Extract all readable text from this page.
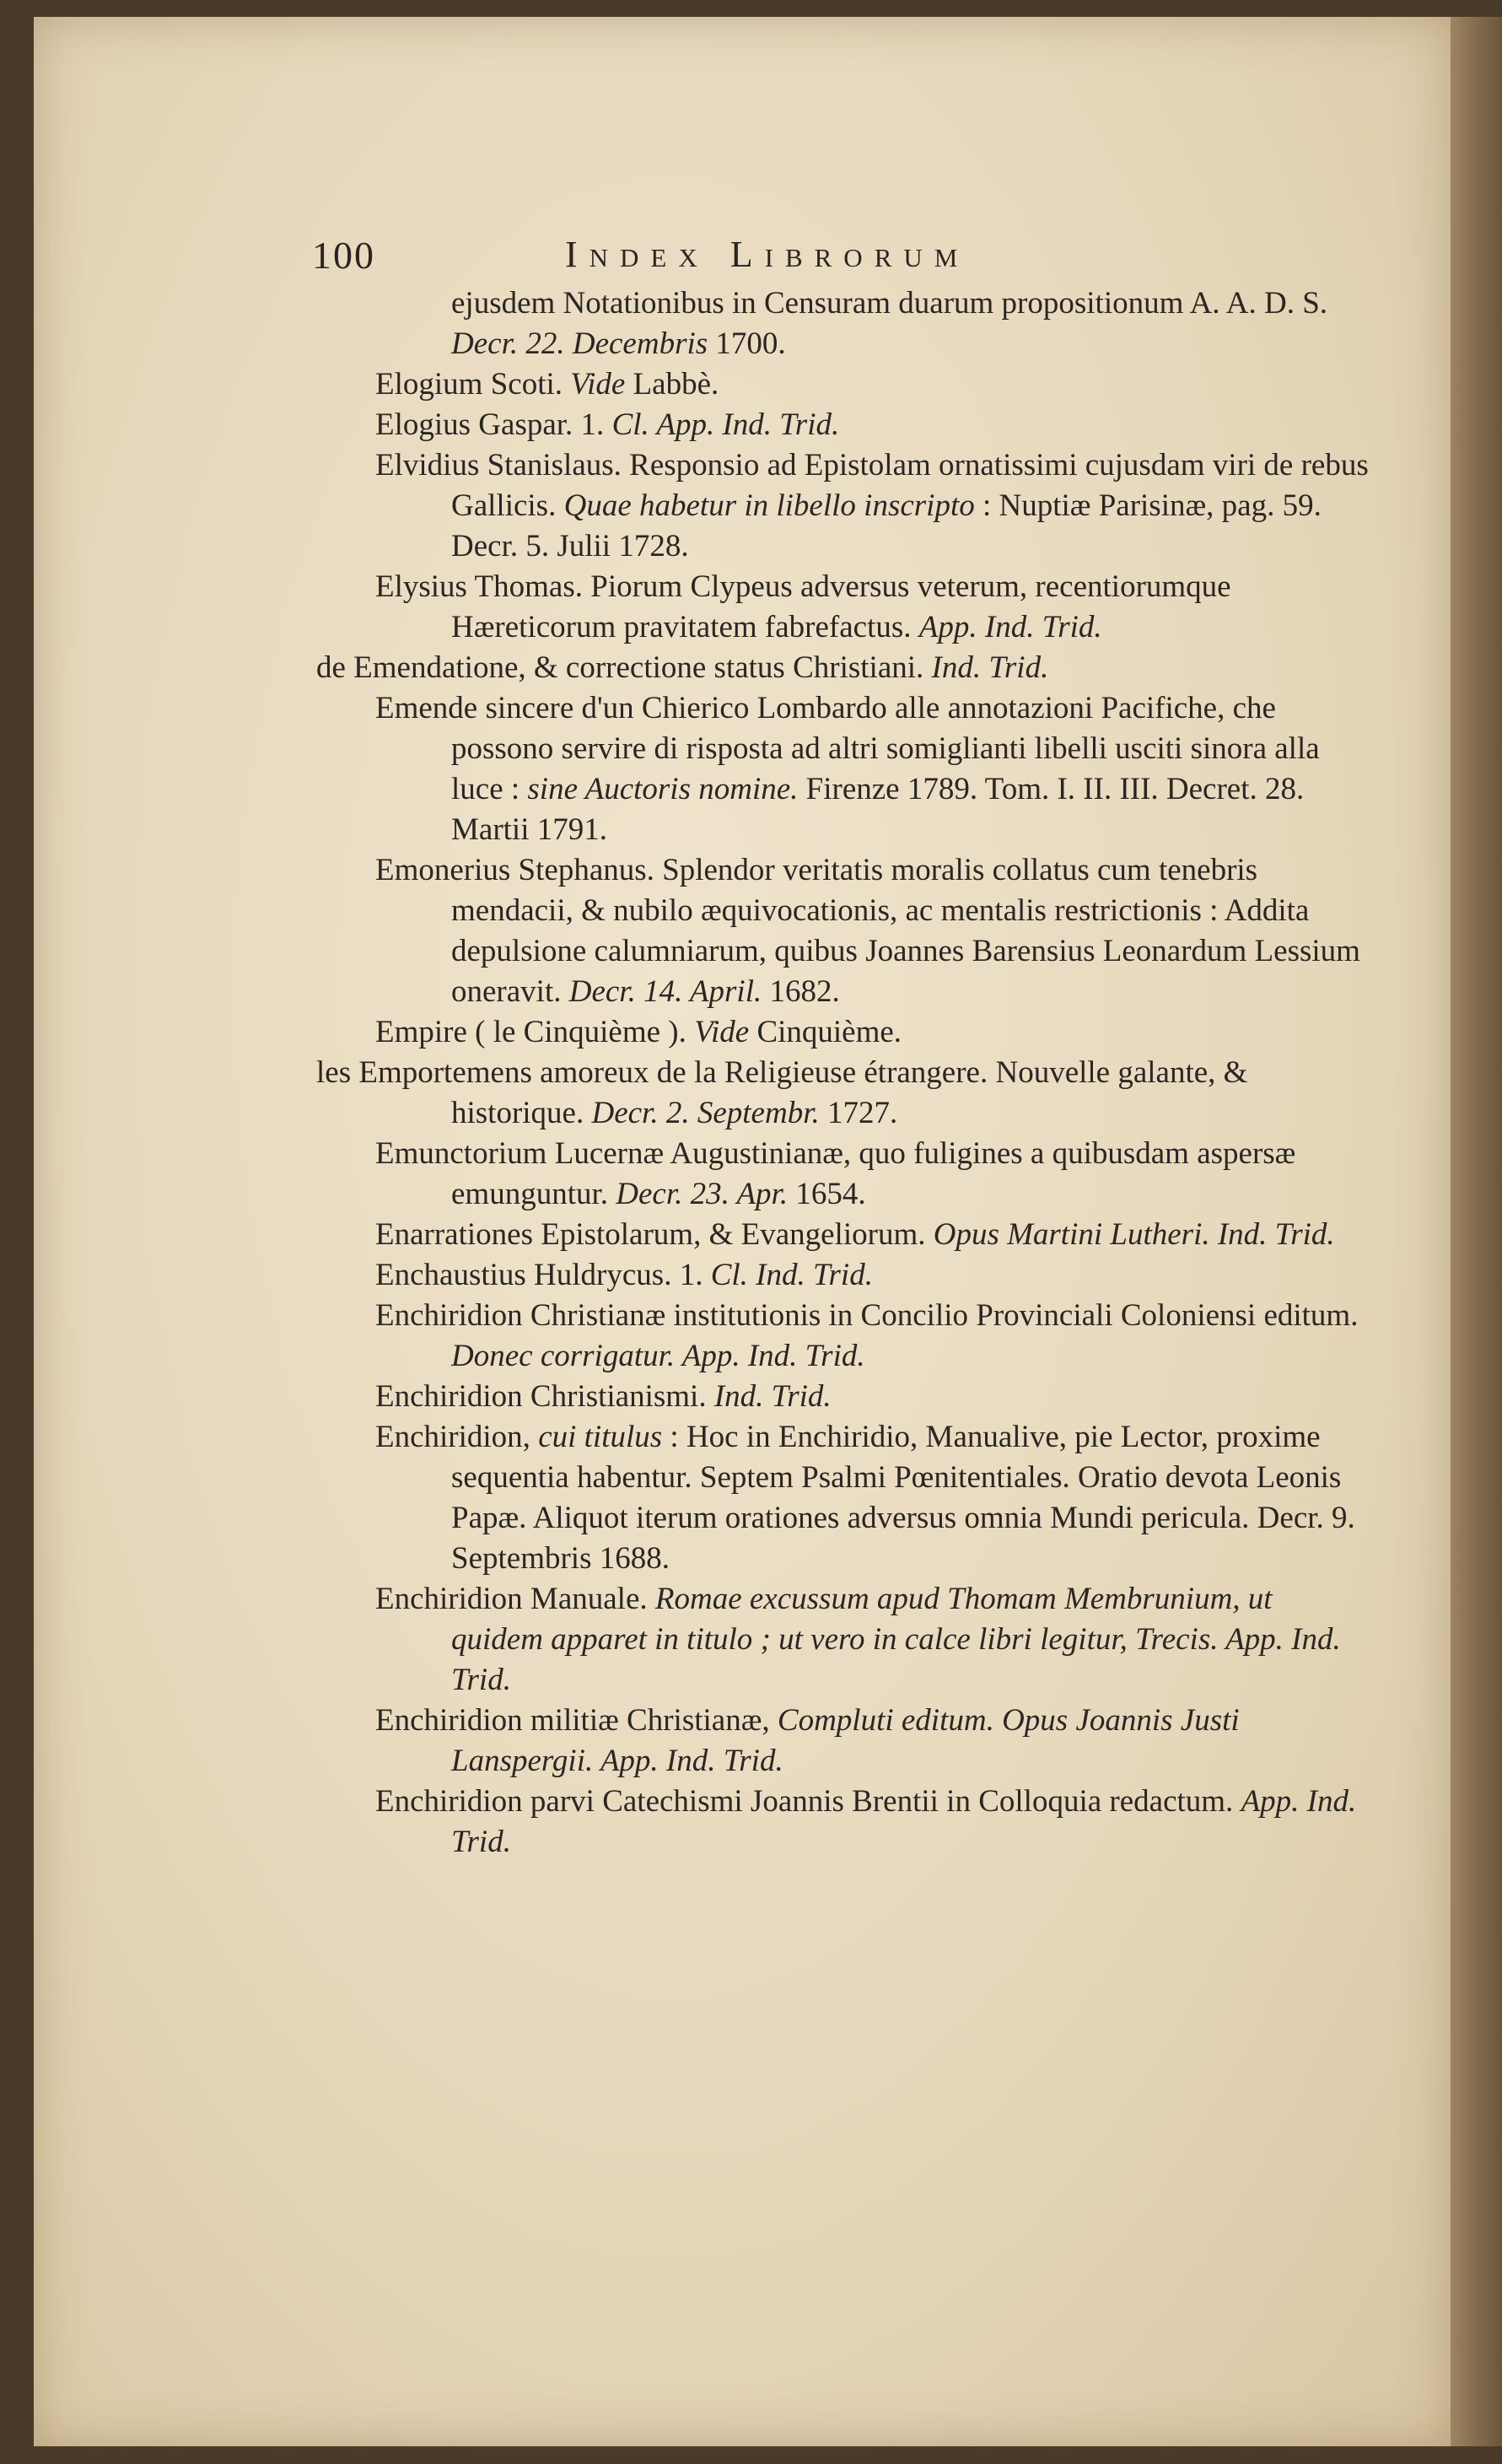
100	Index Librorum

ejusdem Notationibus in Censuram duarum propositionum A. A. D. S. Decr. 22. Decembris 1700.

Elogium Scoti. Vide Labbè.

Elogius Gaspar. 1. Cl. App. Ind. Trid.

Elvidius Stanislaus. Responsio ad Epistolam ornatissimi cujusdam viri de rebus Gallicis. Quae habetur in libello inscripto : Nuptiæ Parisinæ, pag. 59. Decr. 5. Julii 1728.

Elysius Thomas. Piorum Clypeus adversus veterum, recentiorumque Hæreticorum pravitatem fabrefactus. App. Ind. Trid.

de Emendatione, & correctione status Christiani. Ind. Trid.

Emende sincere d'un Chierico Lombardo alle annotazioni Pacifiche, che possono servire di risposta ad altri somiglianti libelli usciti sinora alla luce : sine Auctoris nomine. Firenze 1789. Tom. I. II. III. Decret. 28. Martii 1791.

Emonerius Stephanus. Splendor veritatis moralis collatus cum tenebris mendacii, & nubilo æquivocationis, ac mentalis restrictionis : Addita depulsione calumniarum, quibus Joannes Barensius Leonardum Lessium oneravit. Decr. 14. April. 1682.

Empire ( le Cinquième ). Vide Cinquième.

les Emportemens amoreux de la Religieuse étrangere. Nouvelle galante, & historique. Decr. 2. Septembr. 1727.

Emunctorium Lucernæ Augustinianæ, quo fuligines a quibusdam aspersæ emunguntur. Decr. 23. Apr. 1654.

Enarrationes Epistolarum, & Evangeliorum. Opus Martini Lutheri. Ind. Trid.

Enchaustius Huldrycus. 1. Cl. Ind. Trid.

Enchiridion Christianæ institutionis in Concilio Provinciali Coloniensi editum. Donec corrigatur. App. Ind. Trid.

Enchiridion Christianismi. Ind. Trid.

Enchiridion, cui titulus : Hoc in Enchiridio, Manualive, pie Lector, proxime sequentia habentur. Septem Psalmi Pœnitentiales. Oratio devota Leonis Papæ. Aliquot iterum orationes adversus omnia Mundi pericula. Decr. 9. Septembris 1688.

Enchiridion Manuale. Romae excussum apud Thomam Membrunium, ut quidem apparet in titulo ; ut vero in calce libri legitur, Trecis. App. Ind. Trid.

Enchiridion militiæ Christianæ, Compluti editum. Opus Joannis Justi Lanspergii. App. Ind. Trid.

Enchiridion parvi Catechismi Joannis Brentii in Colloquia redactum. App. Ind. Trid.
